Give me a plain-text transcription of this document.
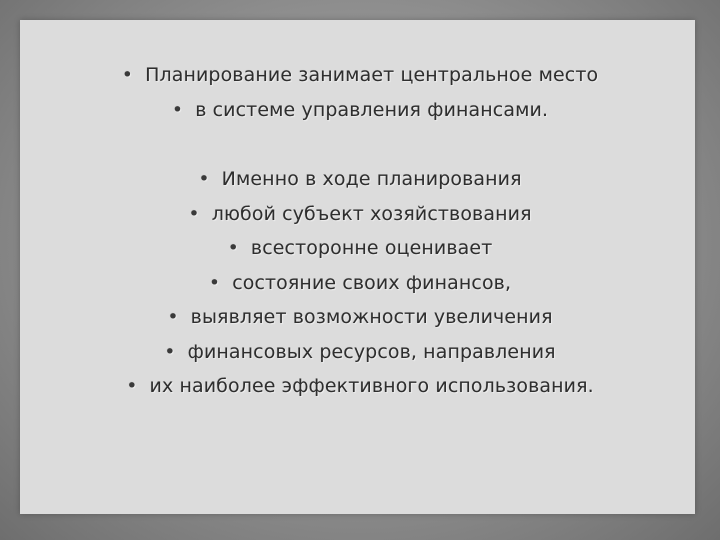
• Планирование занимает центральное место
• в системе управления финансами.
• Именно в ходе планирования
• любой субъект хозяйствования
• всесторонне оценивает
• состояние своих финансов,
• выявляет возможности увеличения
• финансовых ресурсов, направления
• их наиболее эффективного использования.
